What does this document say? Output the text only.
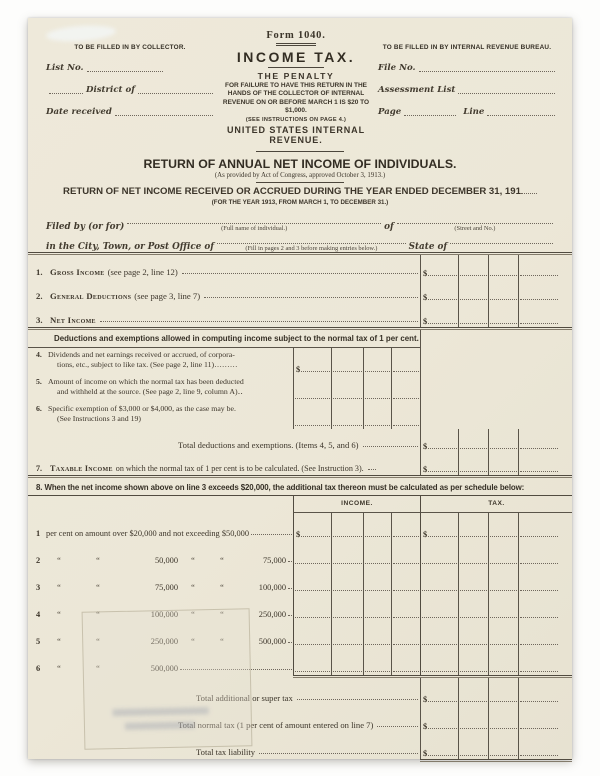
TO BE FILLED IN BY COLLECTOR.
List No.
District of
Date received
Form 1040.
INCOME TAX.
THE PENALTY
FOR FAILURE TO HAVE THIS RETURN IN THE HANDS OF THE COLLECTOR OF INTERNAL REVENUE ON OR BEFORE MARCH 1 IS $20 TO $1,000.
(SEE INSTRUCTIONS ON PAGE 4.)
UNITED STATES INTERNAL REVENUE.
TO BE FILLED IN BY INTERNAL REVENUE BUREAU.
File No.
Assessment List
Page	Line
RETURN OF ANNUAL NET INCOME OF INDIVIDUALS.
(As provided by Act of Congress, approved October 3, 1913.)
RETURN OF NET INCOME RECEIVED OR ACCRUED DURING THE YEAR ENDED DECEMBER 31, 191
(FOR THE YEAR 1913, FROM MARCH 1, TO DECEMBER 31.)
Filed by (or for)	(Full name of individual.)	of	(Street and No.)
in the City, Town, or Post Office of	(Fill in pages 2 and 3 before making entries below.)	State of

1. Gross Income (see page 2, line 12)	$
2. General Deductions (see page 3, line 7)	$
3. Net Income	$
Deductions and exemptions allowed in computing income subject to the normal tax of 1 per cent.
4. Dividends and net earnings received or accrued, of corpora-
tions, etc., subject to like tax. (See page 2, line 11)………	$
5. Amount of income on which the normal tax has been deducted
and withheld at the source. (See page 2, line 9, column A)‥
6. Specific exemption of $3,000 or $4,000, as the case may be.
(See Instructions 3 and 19)
Total deductions and exemptions. (Items 4, 5, and 6)	$
7. Taxable Income on which the normal tax of 1 per cent is to be calculated. (See Instruction 3).	$
8. When the net income shown above on line 3 exceeds $20,000, the additional tax thereon must be calculated as per schedule below:
INCOME.	TAX.
1 per cent on amount over $20,000 and not exceeding $50,000	$	$
2	“	“	50,000	“	“	75,000
3	“	“	75,000	“	“	100,000
4	“	“	100,000	“	“	250,000
5	“	“	250,000	“	“	500,000
6	“	“	500,000
Total additional or super tax	$
Total normal tax (1 per cent of amount entered on line 7)	$
Total tax liability	$
